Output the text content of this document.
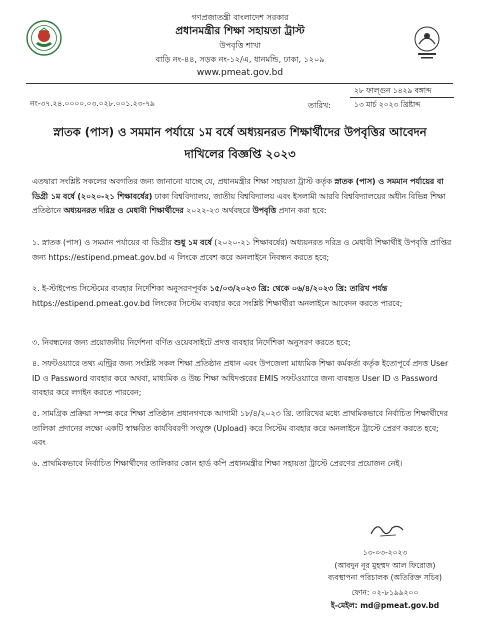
গণপ্রজাতন্ত্রী বাংলাদেশ সরকার
প্রধানমন্ত্রীর শিক্ষা সহায়তা ট্রাস্ট
উপবৃত্তি শাখা
বাড়ি নং-৪৪, সড়ক নং-১২/এ, ধানমন্ডি, ঢাকা, ১২০৯
www.pmeat.gov.bd
নং-৩৭.২৪.০০০০.০৩.০২৮.০০১.২৩-৭৯	তারিখ:
২৮ ফাল্গুন ১৪২৯ বঙ্গাব্দ
১৩ মার্চ ২০২৩ খ্রিষ্টাব্দ
স্নাতক (পাস) ও সমমান পর্যায়ে ১ম বর্ষে অধ্যয়নরত শিক্ষার্থীদের উপবৃত্তির আবেদন
দাখিলের বিজ্ঞপ্তি ২০২৩
এতদ্বারা সংশ্লিষ্ট সকলের অবগতির জন্য জানানো যাচ্ছে যে, প্রধানমন্ত্রীর শিক্ষা সহায়তা ট্রাস্ট কর্তৃক স্নাতক (পাস) ও সমমান পর্যায়ের বা ডিগ্রী ১ম বর্ষে (২০২০-২১ শিক্ষাবর্ষের) ঢাকা বিশ্ববিদ্যালয়, জাতীয় বিশ্ববিদ্যালয় এবং ইসলামী আরবি বিশ্ববিদ্যালয়ের অধীন বিভিন্ন শিক্ষা প্রতিষ্ঠানে অধ্যয়নরত দরিদ্র ও মেধাবী শিক্ষার্থীদের ২০২২-২৩ অর্থবছরে উপবৃত্তি প্রদান করা হবে:
১. স্নাতক (পাস) ও সমমান পর্যায়ের বা ডিগ্রীর শুধু ১ম বর্ষে (২০২০-২১ শিক্ষাবর্ষের) অধ্যয়নরত দরিদ্র ও মেধাবী শিক্ষার্থীই উপবৃত্তি প্রাপ্তির জন্য https://estipend.pmeat.gov.bd এ লিংকে প্রবেশ করে অনলাইনে নিবন্ধন করতে হবে;
২. ই-স্টাইপেন্ড সিস্টেমের ব্যবহার নির্দেশিকা অনুসরণপূর্বক ১৫/০৩/২০২৩ খ্রি: থেকে ০৬/৪/২০২৩ খ্রি: তারিখ পর্যন্ত https://estipend.pmeat.gov.bd লিংকের সিস্টেম ব্যবহার করে সংশ্লিষ্ট শিক্ষার্থীরা অনলাইনে আবেদন করতে পারবে;
৩. নিবন্ধনের জন্য প্রয়োজনীয় নির্দেশনা বর্ণিত ওয়েবসাইটে প্রদত্ত ব্যবহার নির্দেশিকা অনুসরণ করতে হবে;
৪. সফটওয়্যারে তথ্য এন্ট্রির জন্য সংশ্লিষ্ট সকল শিক্ষা প্রতিষ্ঠান প্রধান এবং উপজেলা মাধ্যমিক শিক্ষা কর্মকর্তা কর্তৃক ইতোপূর্বে প্রদত্ত User ID ও Password ব্যবহার করে অথবা, মাধ্যমিক ও উচ্চ শিক্ষা অধিদপ্তরের EMIS সফটওয়্যারে জন্য ব্যবহৃত User ID ও Password ব্যবহার করে লগইন করতে পারবেন;
৫. সামগ্রিক প্রক্রিয়া সম্পন্ন করে শিক্ষা প্রতিষ্ঠান প্রধানগণকে আগামী ১৮/৪/২০২৩ খ্রি. তারিখের মধ্যে প্রাথমিকভাবে নির্বাচিত শিক্ষার্থীদের তালিকা প্রদানের লক্ষ্যে একটি স্বাক্ষরিত কার্যবিবরণী সংযুক্ত (Upload) করে সিস্টেম ব্যবহার করে অনলাইনে ট্রাস্টে প্রেরণ করতে হবে; এবং
৬. প্রাথমিকভাবে নির্বাচিত শিক্ষার্থীদের তালিকার কোন হার্ড কপি প্রধানমন্ত্রীর শিক্ষা সহায়তা ট্রাস্টে প্রেরণের প্রয়োজন নেই।
১৩-০৩-২০২৩
(আবদুন নূর মুহম্মদ আল ফিরোজ)
ব্যবস্থাপনা পরিচালক (অতিরিক্ত সচিব)
ফোন: ০২-৮১৯৯২০০
ই-মেইল: md@pmeat.gov.bd
